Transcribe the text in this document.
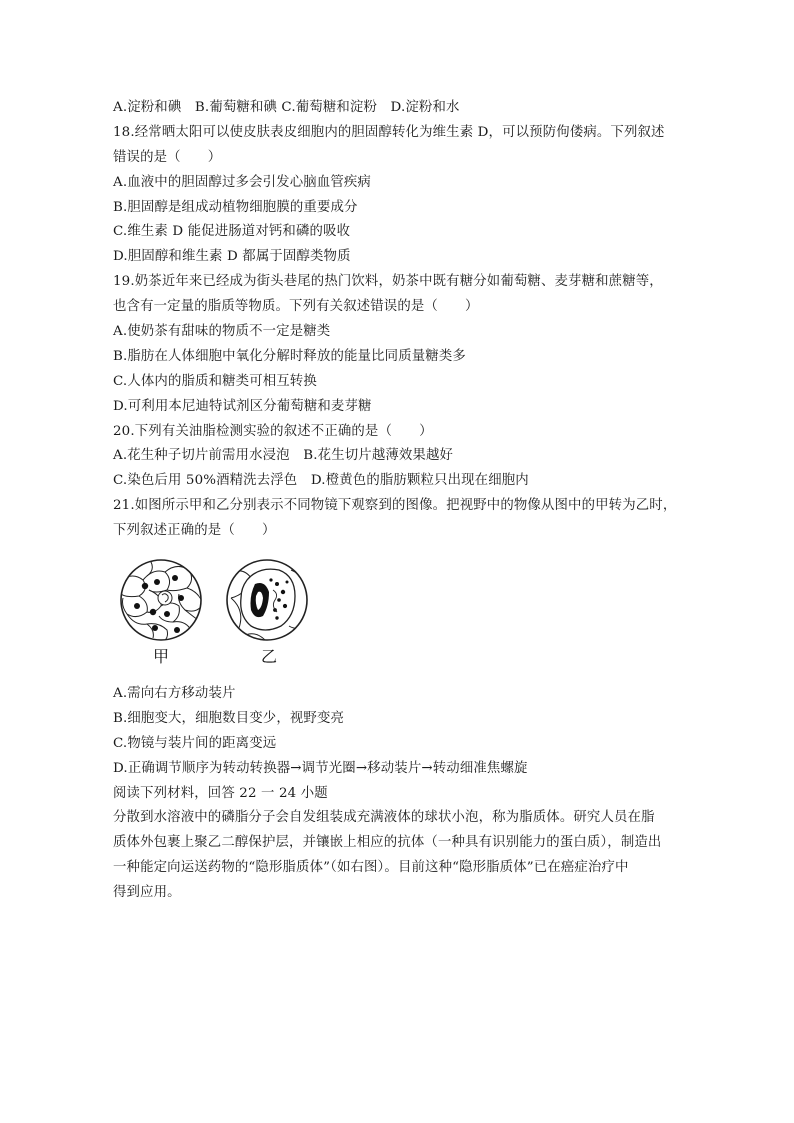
A.淀粉和碘　B.葡萄糖和碘 C.葡萄糖和淀粉　D.淀粉和水
18.经常晒太阳可以使皮肤表皮细胞内的胆固醇转化为维生素 D，可以预防佝偻病。下列叙述
错误的是（　　）
A.血液中的胆固醇过多会引发心脑血管疾病
B.胆固醇是组成动植物细胞膜的重要成分
C.维生素 D 能促进肠道对钙和磷的吸收
D.胆固醇和维生素 D 都属于固醇类物质
19.奶茶近年来已经成为街头巷尾的热门饮料，奶茶中既有糖分如葡萄糖、麦芽糖和蔗糖等，
也含有一定量的脂质等物质。下列有关叙述错误的是（　　）
A.使奶茶有甜味的物质不一定是糖类
B.脂肪在人体细胞中氧化分解时释放的能量比同质量糖类多
C.人体内的脂质和糖类可相互转换
D.可利用本尼迪特试剂区分葡萄糖和麦芽糖
20.下列有关油脂检测实验的叙述不正确的是（　　）
A.花生种子切片前需用水浸泡　B.花生切片越薄效果越好
C.染色后用 50%酒精洗去浮色　D.橙黄色的脂肪颗粒只出现在细胞内
21.如图所示甲和乙分别表示不同物镜下观察到的图像。把视野中的物像从图中的甲转为乙时，
下列叙述正确的是（　　）
甲	乙
A.需向右方移动装片
B.细胞变大，细胞数目变少，视野变亮
C.物镜与装片间的距离变远
D.正确调节顺序为转动转换器→调节光圈→移动装片→转动细准焦螺旋
阅读下列材料，回答 22 一 24 小题
分散到水溶液中的磷脂分子会自发组装成充满液体的球状小泡，称为脂质体。研究人员在脂
质体外包裹上聚乙二醇保护层，并镶嵌上相应的抗体（一种具有识别能力的蛋白质），制造出
一种能定向运送药物的“隐形脂质体”（如右图）。目前这种“隐形脂质体”已在癌症治疗中
得到应用。
